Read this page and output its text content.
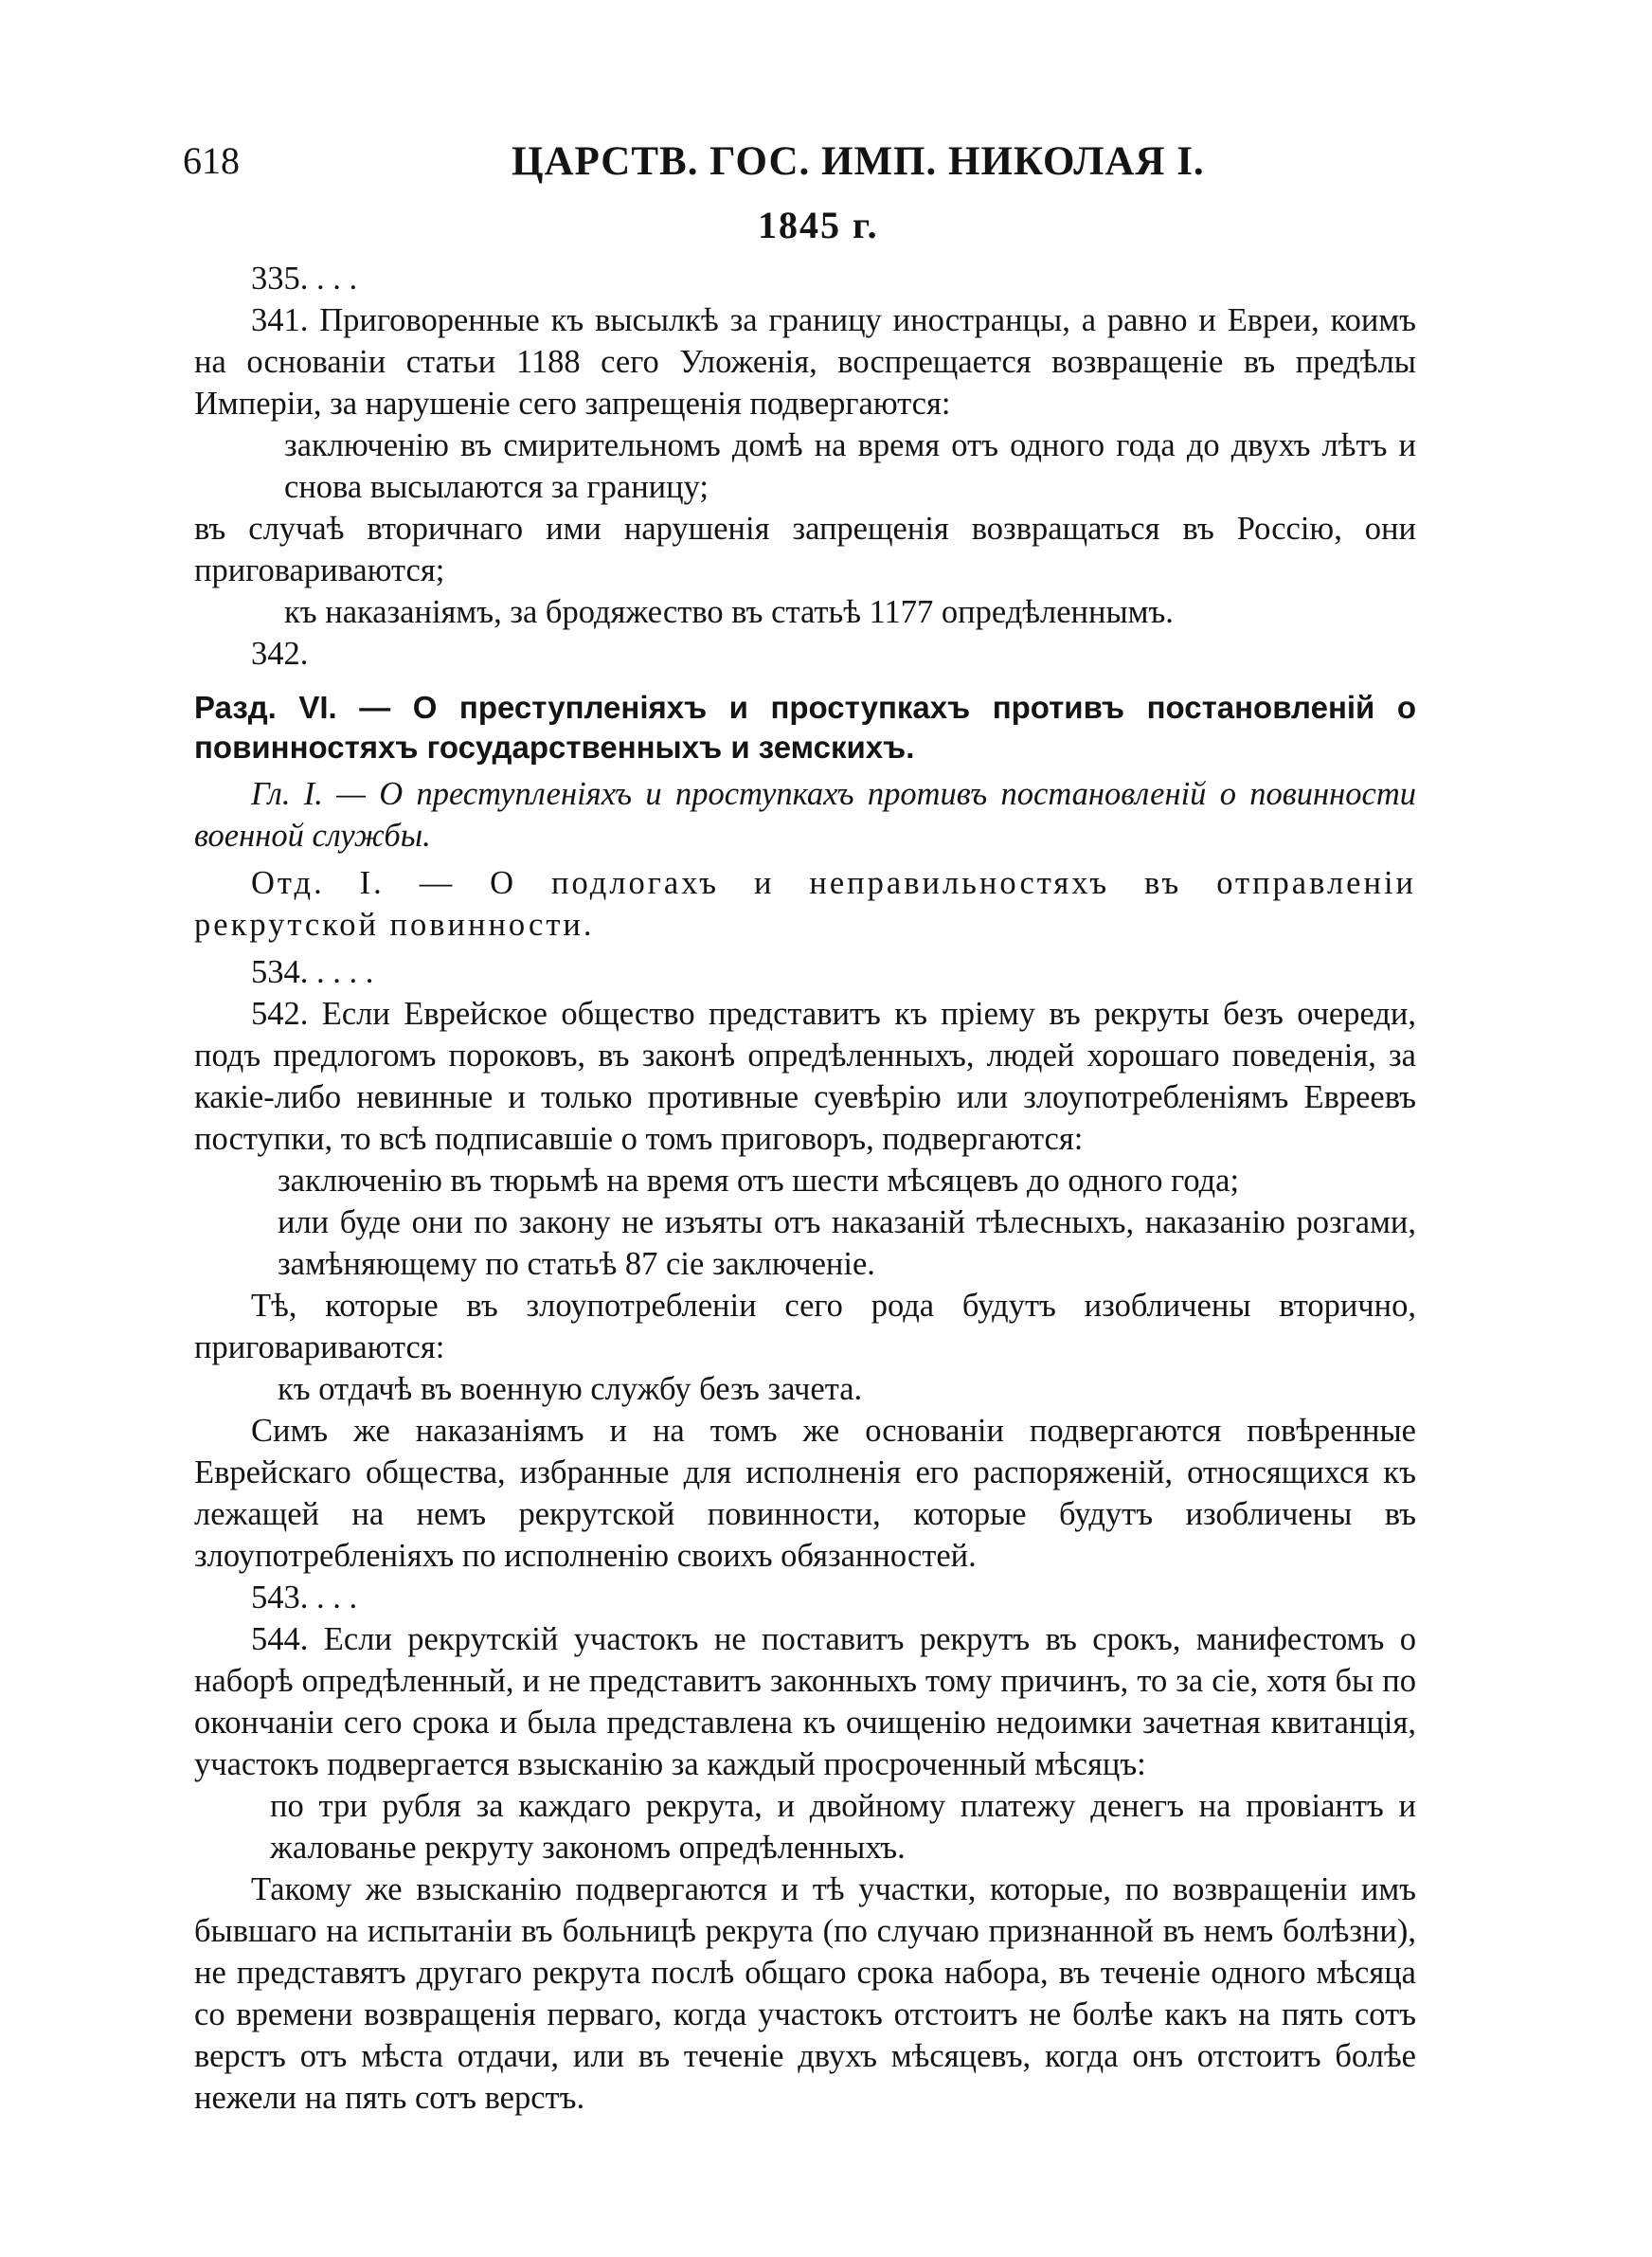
618	ЦАРСТВ. ГОС. ИМП. НИКОЛАЯ I.
1845 г.

335. . . .

341. Приговоренные къ высылкѣ за границу иностранцы, а равно и Евреи, коимъ на основаніи статьи 1188 сего Уложенія, воспрещается возвращеніе въ предѣлы Имперіи, за нарушеніе сего запрещенія подвергаются:

заключенію въ смирительномъ домѣ на время отъ одного года до двухъ лѣтъ и снова высылаются за границу;

въ случаѣ вторичнаго ими нарушенія запрещенія возвращаться въ Россію, они приговариваются;

къ наказаніямъ, за бродяжество въ статьѣ 1177 опредѣленнымъ.

342.

Разд. VI. — О преступленіяхъ и проступкахъ противъ постановленій о повинностяхъ государственныхъ и земскихъ.

Гл. I. — О преступленіяхъ и проступкахъ противъ постановленій о повинности военной службы.

Отд. I. — О подлогахъ и неправильностяхъ въ отправленіи рекрутской повинности.

534. . . . .

542. Если Еврейское общество представитъ къ пріему въ рекруты безъ очереди, подъ предлогомъ пороковъ, въ законѣ опредѣленныхъ, людей хорошаго поведенія, за какіе-либо невинные и только противные суевѣрію или злоупотребленіямъ Евреевъ поступки, то всѣ подписавшіе о томъ приговоръ, подвергаются:

заключенію въ тюрьмѣ на время отъ шести мѣсяцевъ до одного года;

или буде они по закону не изъяты отъ наказаній тѣлесныхъ, наказанію розгами, замѣняющему по статьѣ 87 сіе заключеніе.

Тѣ, которые въ злоупотребленіи сего рода будутъ изобличены вторично, приговариваются:

къ отдачѣ въ военную службу безъ зачета.

Симъ же наказаніямъ и на томъ же основаніи подвергаются повѣренные Еврейскаго общества, избранные для исполненія его распоряженій, относящихся къ лежащей на немъ рекрутской повинности, которые будутъ изобличены въ злоупотребленіяхъ по исполненію своихъ обязанностей.

543. . . .

544. Если рекрутскій участокъ не поставитъ рекрутъ въ срокъ, манифестомъ о наборѣ опредѣленный, и не представитъ законныхъ тому причинъ, то за сіе, хотя бы по окончаніи сего срока и была представлена къ очищенію недоимки зачетная квитанція, участокъ подвергается взысканію за каждый просроченный мѣсяцъ:

по три рубля за каждаго рекрута, и двойному платежу денегъ на провіантъ и жалованье рекруту закономъ опредѣленныхъ.

Такому же взысканію подвергаются и тѣ участки, которые, по возвращеніи имъ бывшаго на испытаніи въ больницѣ рекрута (по случаю признанной въ немъ болѣзни), не представятъ другаго рекрута послѣ общаго срока набора, въ теченіе одного мѣсяца со времени возвращенія перваго, когда участокъ отстоитъ не болѣе какъ на пять сотъ верстъ отъ мѣста отдачи, или въ теченіе двухъ мѣсяцевъ, когда онъ отстоитъ болѣе нежели на пять сотъ верстъ.
